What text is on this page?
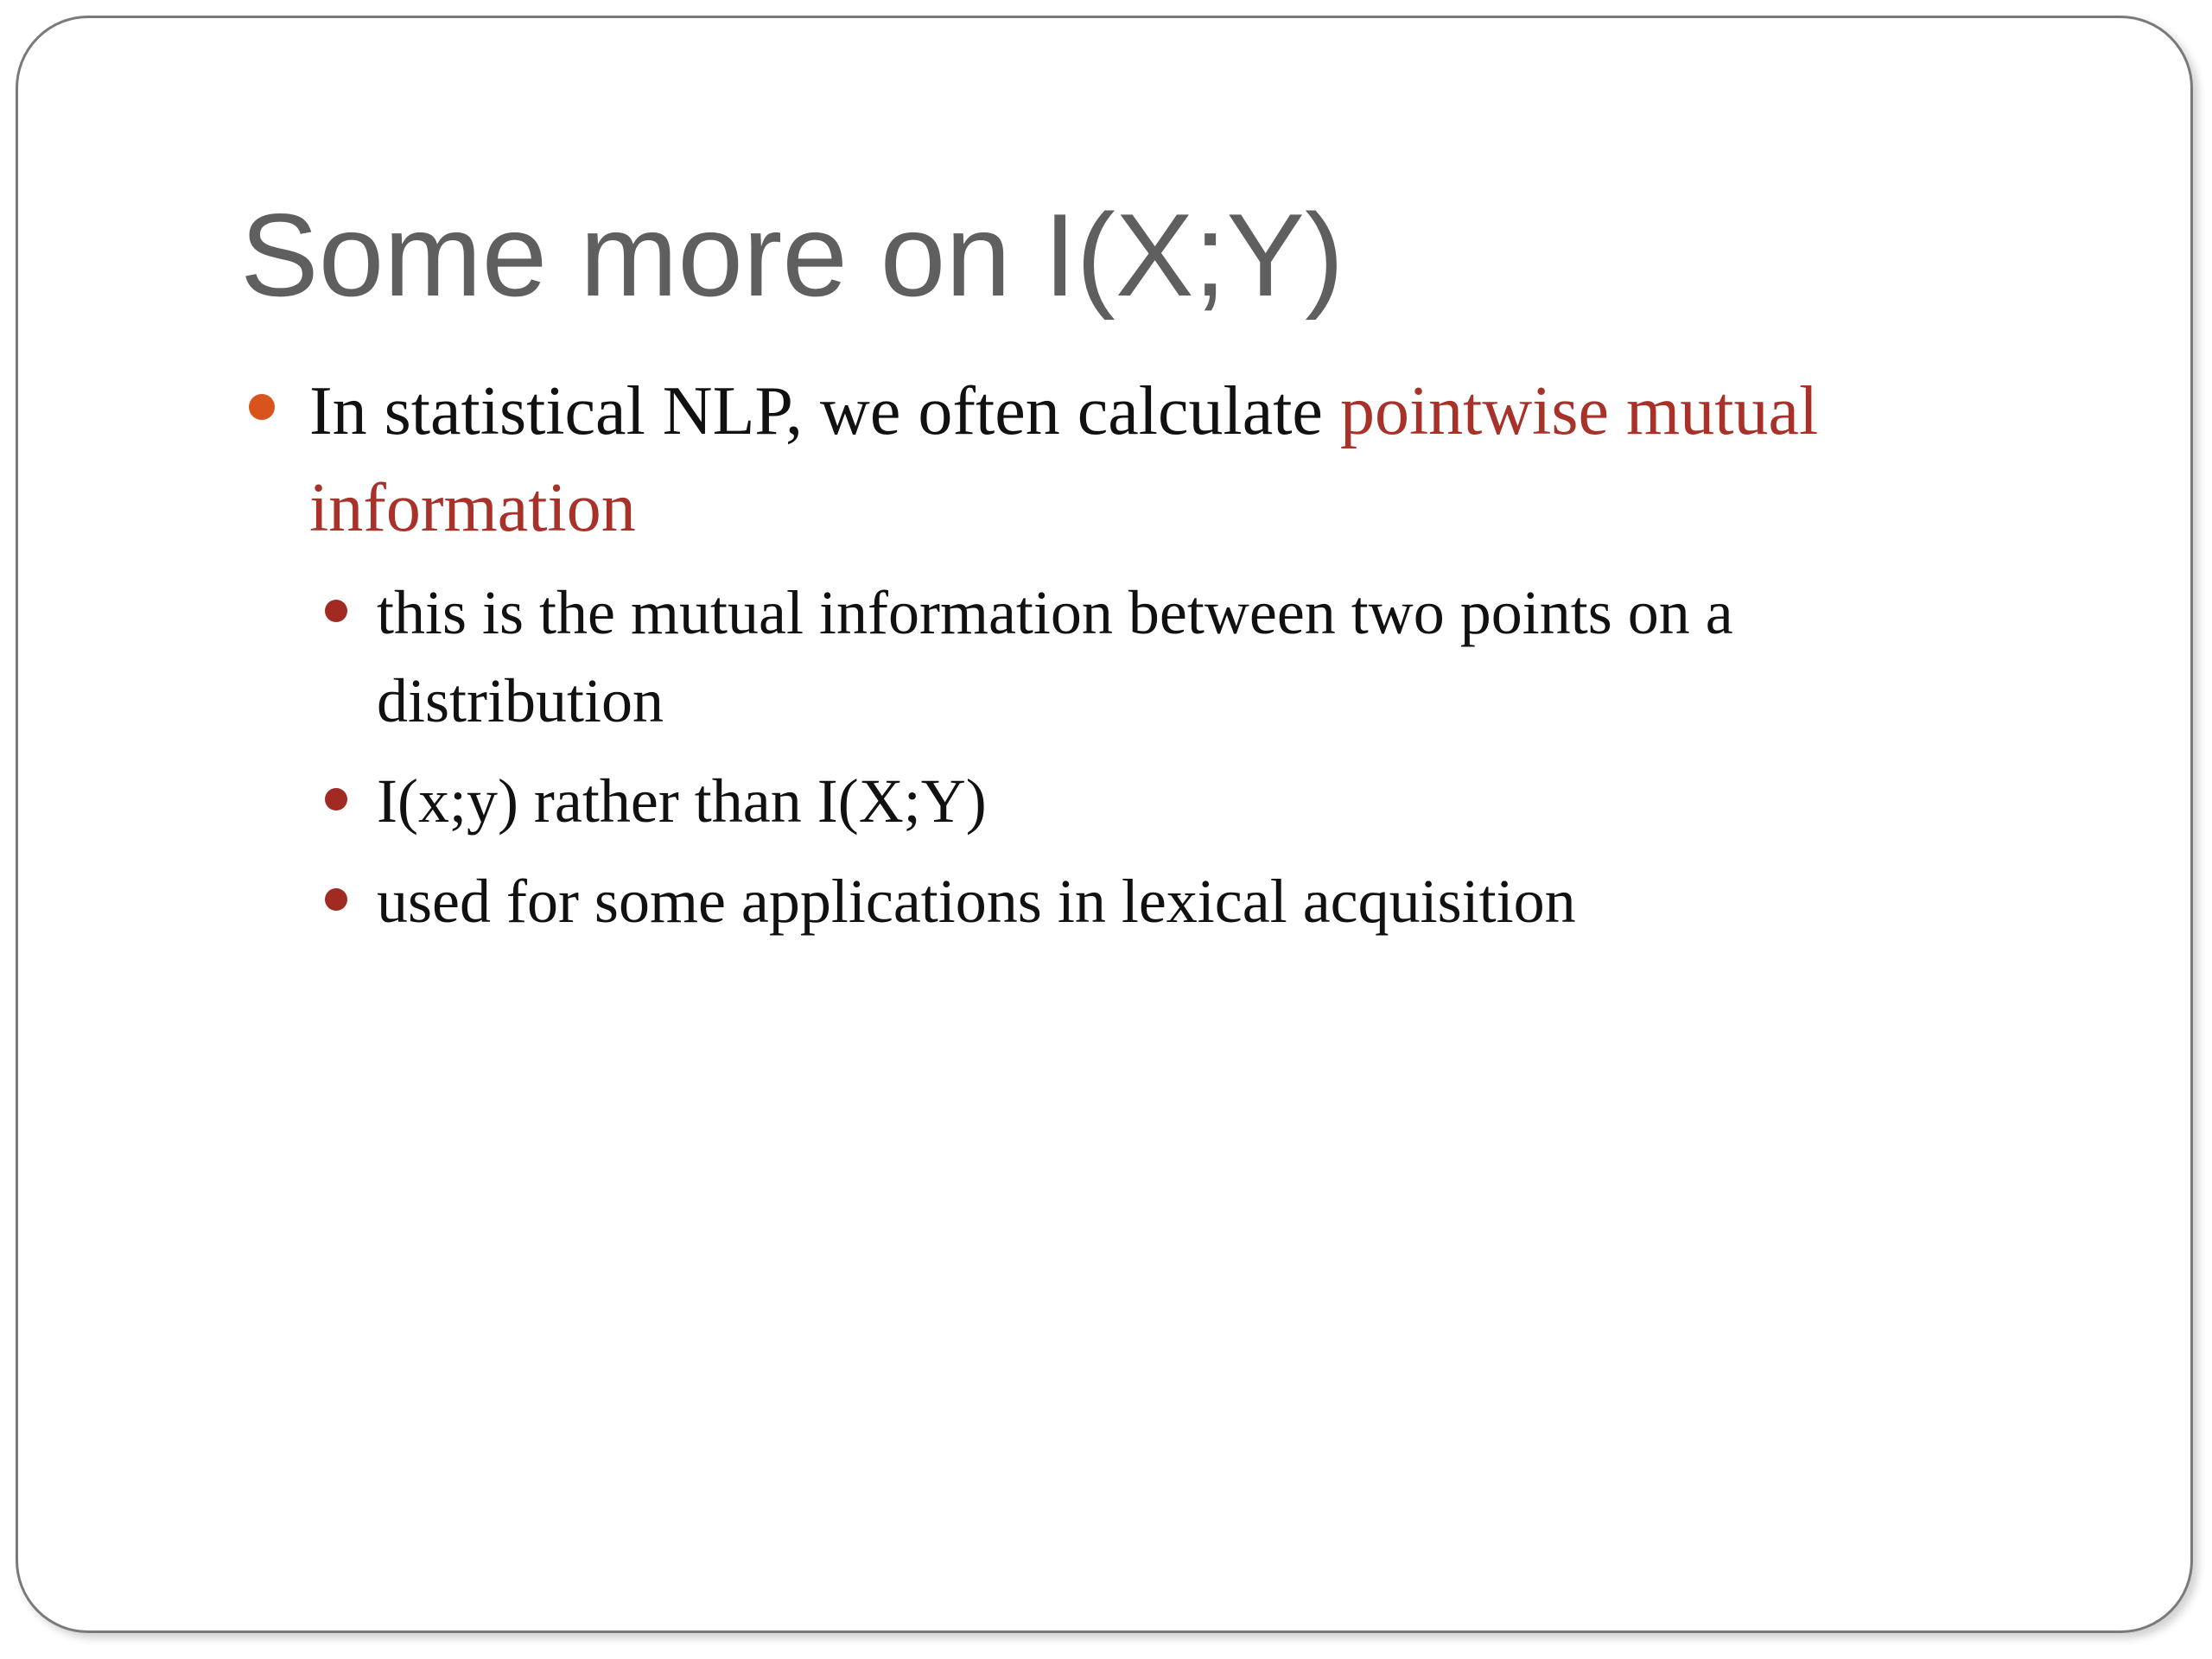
Some more on I(X;Y)
In statistical NLP, we often calculate pointwise mutual information
this is the mutual information between two points on a distribution
I(x;y) rather than I(X;Y)
used for some applications in lexical acquisition
